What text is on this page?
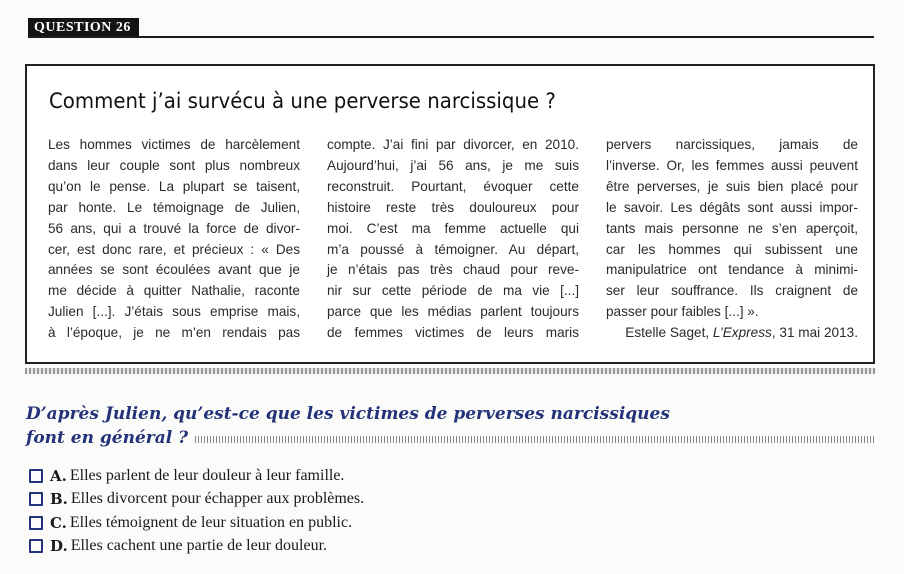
QUESTION 26
Comment j’ai survécu à une perverse narcissique ?
Les hommes victimes de harcèlement
dans leur couple sont plus nombreux
qu’on le pense. La plupart se taisent,
par honte. Le témoignage de Julien,
56 ans, qui a trouvé la force de divor-
cer, est donc rare, et précieux : « Des
années se sont écoulées avant que je
me décide à quitter Nathalie, raconte
Julien [...]. J’étais sous emprise mais,
à l’époque, je ne m’en rendais pas
compte. J’ai fini par divorcer, en 2010.
Aujourd’hui, j’ai 56 ans, je me suis
reconstruit. Pourtant, évoquer cette
histoire reste très douloureux pour
moi. C’est ma femme actuelle qui
m’a poussé à témoigner. Au départ,
je n’étais pas très chaud pour reve-
nir sur cette période de ma vie [...]
parce que les médias parlent toujours
de femmes victimes de leurs maris
pervers narcissiques, jamais de
l’inverse. Or, les femmes aussi peuvent
être perverses, je suis bien placé pour
le savoir. Les dégâts sont aussi impor-
tants mais personne ne s’en aperçoit,
car les hommes qui subissent une
manipulatrice ont tendance à minimi-
ser leur souffrance. Ils craignent de
passer pour faibles [...] ».
Estelle Saget, L’Express, 31 mai 2013.
D’après Julien, qu’est-ce que les victimes de perverses narcissiques
font en général ?
A. Elles parlent de leur douleur à leur famille.
B. Elles divorcent pour échapper aux problèmes.
C. Elles témoignent de leur situation en public.
D. Elles cachent une partie de leur douleur.
